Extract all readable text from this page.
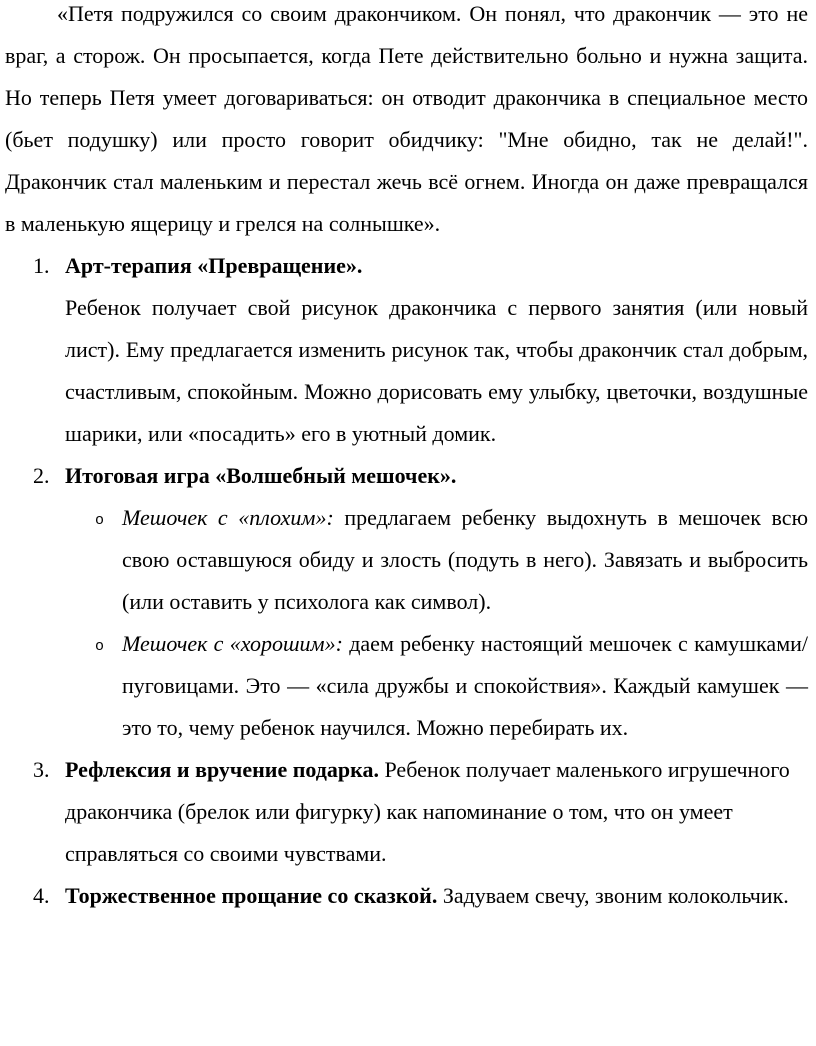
«Петя подружился со своим дракончиком. Он понял, что дракончик — это не враг, а сторож. Он просыпается, когда Пете действительно больно и нужна защита. Но теперь Петя умеет договариваться: он отводит дракончика в специальное место (бьет подушку) или просто говорит обидчику: "Мне обидно, так не делай!". Дракончик стал маленьким и перестал жечь всё огнем. Иногда он даже превращался в маленькую ящерицу и грелся на солнышке».

1. Арт-терапия «Превращение».

Ребенок получает свой рисунок дракончика с первого занятия (или новый лист). Ему предлагается изменить рисунок так, чтобы дракончик стал добрым, счастливым, спокойным. Можно дорисовать ему улыбку, цветочки, воздушные шарики, или «посадить» его в уютный домик.

2. Итоговая игра «Волшебный мешочек».
o Мешочек с «плохим»: предлагаем ребенку выдохнуть в мешочек всю свою оставшуюся обиду и злость (подуть в него). Завязать и выбросить (или оставить у психолога как символ).

o Мешочек с «хорошим»: даем ребенку настоящий мешочек с камушками/пуговицами. Это — «сила дружбы и спокойствия». Каждый камушек — это то, чему ребенок научился. Можно перебирать их.

3. Рефлексия и вручение подарка. Ребенок получает маленького игрушечного дракончика (брелок или фигурку) как напоминание о том, что он умеет справляться со своими чувствами.

4. Торжественное прощание со сказкой. Задуваем свечу, звоним колокольчик.
